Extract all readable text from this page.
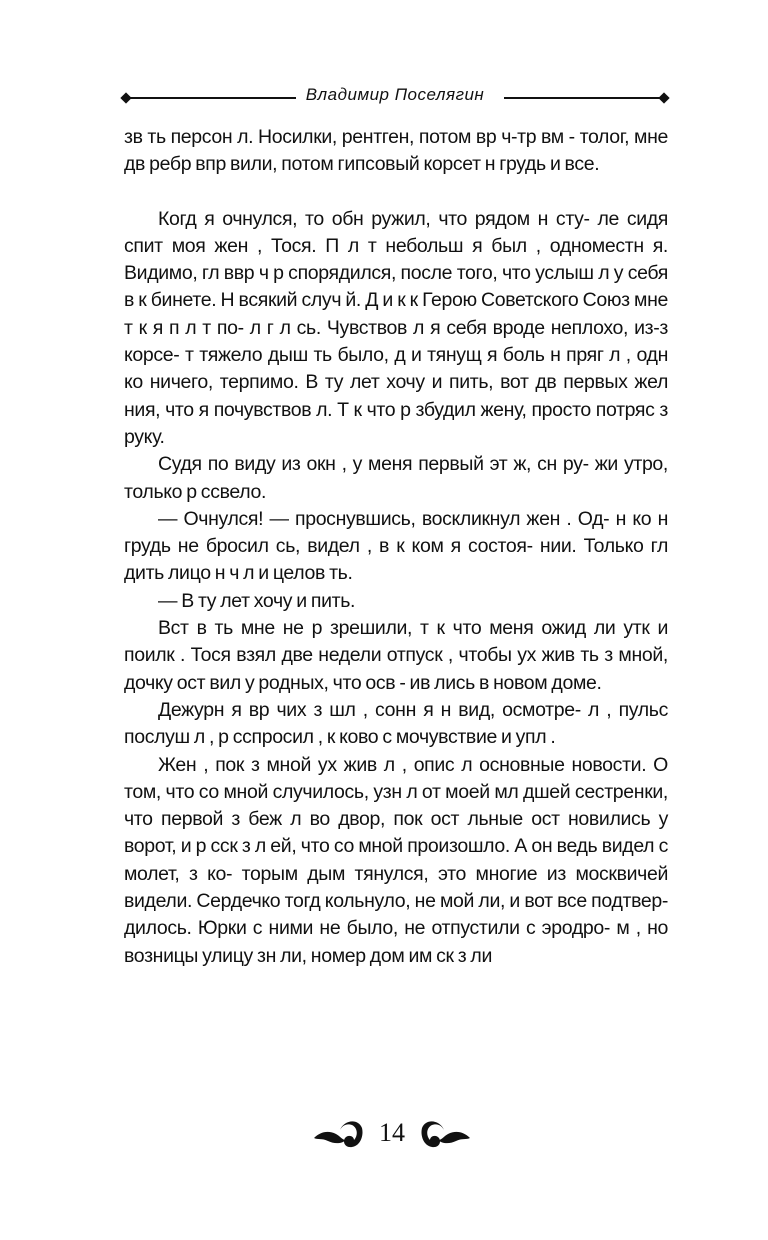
Владимир Поселягин

зв ть персон л. Носилки, рентген, потом вр ч-тр вм - толог, мне дв ребр впр вили, потом гипсовый корсет н грудь и все.

Когд я очнулся, то обн ружил, что рядом н сту- ле сидя спит моя жен , Тося. П л т небольш я был , одноместн я. Видимо, гл ввр ч р спорядился, после того, что услыш л у себя в к бинете. Н всякий случ й. Д и к к Герою Советского Союз мне т к я п л т по- л г л сь. Чувствов л я себя вроде неплохо, из-з корсе- т тяжело дыш ть было, д и тянущ я боль н пряг л , одн ко ничего, терпимо. В ту лет хочу и пить, вот дв первых жел ния, что я почувствов л. Т к что р збудил жену, просто потряс з руку.

Судя по виду из окн , у меня первый эт ж, сн ру- жи утро, только р ссвело.

— Очнулся! — проснувшись, воскликнул жен . Од- н ко н грудь не бросил сь, видел , в к ком я состоя- нии. Только гл дить лицо н ч л и целов ть.

— В ту лет хочу и пить.

Вст в ть мне не р зрешили, т к что меня ожид ли утк и поилк . Тося взял две недели отпуск , чтобы ух жив ть з мной, дочку ост вил у родных, что осв - ив лись в новом доме.

Дежурн я вр чих з шл , сонн я н вид, осмотре- л , пульс послуш л , р сспросил , к ково с мочувствие и упл .

Жен , пок з мной ух жив л , опис л основные новости. О том, что со мной случилось, узн л от моей мл дшей сестренки, что первой з беж л во двор, пок ост льные ост новились у ворот, и р сск з л ей, что со мной произошло. А он ведь видел с молет, з ко- торым дым тянулся, это многие из москвичей видели. Сердечко тогд кольнуло, не мой ли, и вот все подтвер- дилось. Юрки с ними не было, не отпустили с эродро- м , но возницы улицу зн ли, номер дом им ск з ли

14
